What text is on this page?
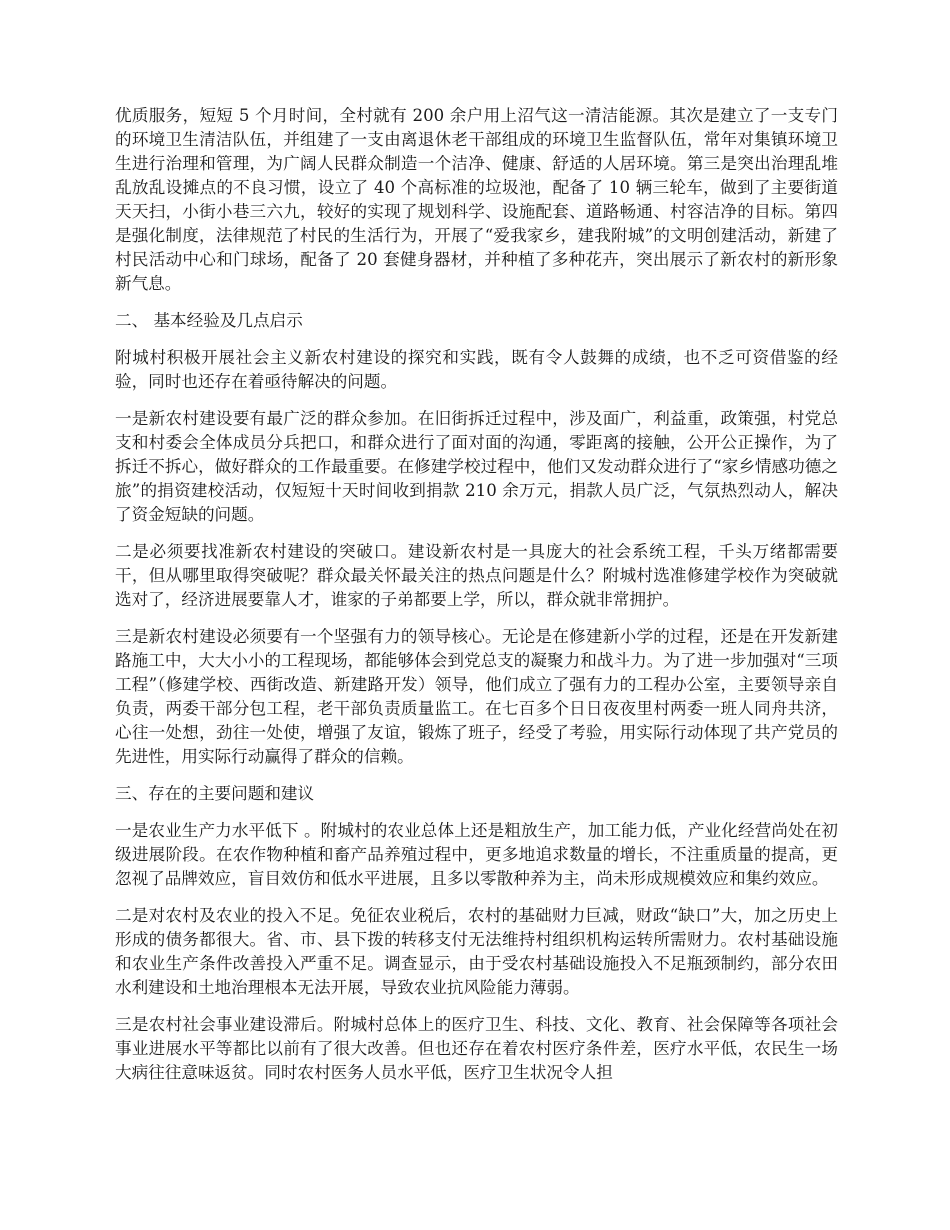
优质服务，短短 5 个月时间，全村就有 200 余户用上沼气这一清洁能源。其次是建立了一支专门的环境卫生清洁队伍，并组建了一支由离退休老干部组成的环境卫生监督队伍，常年对集镇环境卫生进行治理和管理，为广阔人民群众制造一个洁净、健康、舒适的人居环境。第三是突出治理乱堆乱放乱设摊点的不良习惯，设立了 40 个高标准的垃圾池，配备了 10 辆三轮车，做到了主要街道天天扫，小街小巷三六九，较好的实现了规划科学、设施配套、道路畅通、村容洁净的目标。第四是强化制度，法律规范了村民的生活行为，开展了“爱我家乡，建我附城”的文明创建活动，新建了村民活动中心和门球场，配备了 20 套健身器材，并种植了多种花卉，突出展示了新农村的新形象新气息。

二、 基本经验及几点启示

附城村积极开展社会主义新农村建设的探究和实践，既有令人鼓舞的成绩，也不乏可资借鉴的经验，同时也还存在着亟待解决的问题。

一是新农村建设要有最广泛的群众参加。在旧街拆迁过程中，涉及面广，利益重，政策强，村党总支和村委会全体成员分兵把口，和群众进行了面对面的沟通，零距离的接触，公开公正操作，为了拆迁不拆心，做好群众的工作最重要。在修建学校过程中，他们又发动群众进行了“家乡情感功德之旅”的捐资建校活动，仅短短十天时间收到捐款 210 余万元，捐款人员广泛，气氛热烈动人，解决了资金短缺的问题。

二是必须要找准新农村建设的突破口。建设新农村是一具庞大的社会系统工程，千头万绪都需要干，但从哪里取得突破呢？群众最关怀最关注的热点问题是什么？附城村选准修建学校作为突破就选对了，经济进展要靠人才，谁家的子弟都要上学，所以，群众就非常拥护。

三是新农村建设必须要有一个坚强有力的领导核心。无论是在修建新小学的过程，还是在开发新建路施工中，大大小小的工程现场，都能够体会到党总支的凝聚力和战斗力。为了进一步加强对“三项工程”（修建学校、西街改造、新建路开发）领导，他们成立了强有力的工程办公室，主要领导亲自负责，两委干部分包工程，老干部负责质量监工。在七百多个日日夜夜里村两委一班人同舟共济，心往一处想，劲往一处使，增强了友谊，锻炼了班子，经受了考验，用实际行动体现了共产党员的先进性，用实际行动赢得了群众的信赖。

三、存在的主要问题和建议

一是农业生产力水平低下 。附城村的农业总体上还是粗放生产，加工能力低，产业化经营尚处在初级进展阶段。在农作物种植和畜产品养殖过程中，更多地追求数量的增长，不注重质量的提高，更忽视了品牌效应，盲目效仿和低水平进展，且多以零散种养为主，尚未形成规模效应和集约效应。

二是对农村及农业的投入不足。免征农业税后，农村的基础财力巨减，财政“缺口”大，加之历史上形成的债务都很大。省、市、县下拨的转移支付无法维持村组织机构运转所需财力。农村基础设施和农业生产条件改善投入严重不足。调查显示，由于受农村基础设施投入不足瓶颈制约，部分农田水利建设和土地治理根本无法开展，导致农业抗风险能力薄弱。

三是农村社会事业建设滞后。附城村总体上的医疗卫生、科技、文化、教育、社会保障等各项社会事业进展水平等都比以前有了很大改善。但也还存在着农村医疗条件差，医疗水平低，农民生一场大病往往意味返贫。同时农村医务人员水平低，医疗卫生状况令人担
